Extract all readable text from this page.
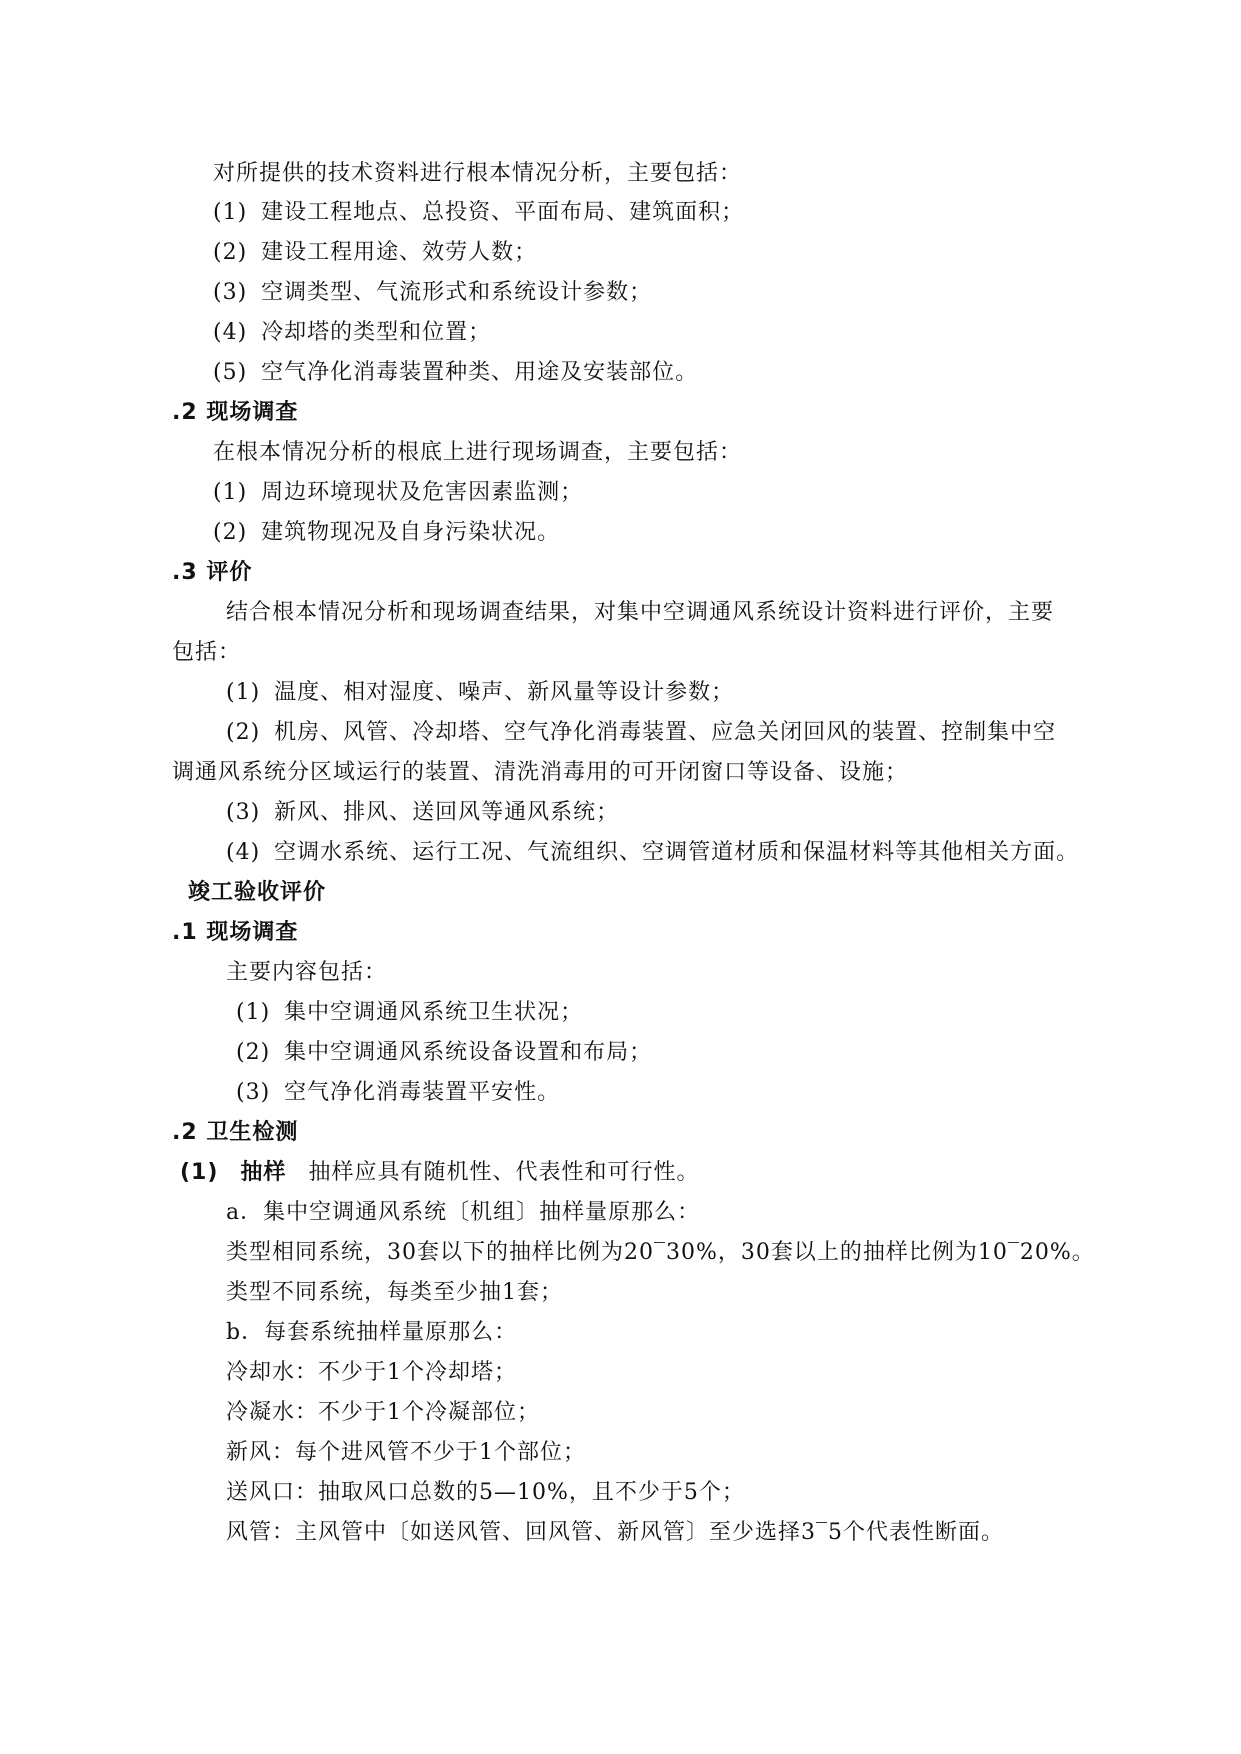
对所提供的技术资料进行根本情况分析，主要包括：
(1) 建设工程地点、总投资、平面布局、建筑面积；
(2) 建设工程用途、效劳人数；
(3) 空调类型、气流形式和系统设计参数；
(4) 冷却塔的类型和位置；
(5) 空气净化消毒装置种类、用途及安装部位。
.2 现场调查
在根本情况分析的根底上进行现场调查，主要包括：
(1) 周边环境现状及危害因素监测；
(2) 建筑物现况及自身污染状况。
.3 评价
结合根本情况分析和现场调查结果，对集中空调通风系统设计资料进行评价，主要
包括：
(1) 温度、相对湿度、噪声、新风量等设计参数；
(2) 机房、风管、冷却塔、空气净化消毒装置、应急关闭回风的装置、控制集中空
调通风系统分区域运行的装置、清洗消毒用的可开闭窗口等设备、设施；
(3) 新风、排风、送回风等通风系统；
(4) 空调水系统、运行工况、气流组织、空调管道材质和保温材料等其他相关方面。
竣工验收评价
.1 现场调查
主要内容包括：
(1) 集中空调通风系统卫生状况；
(2) 集中空调通风系统设备设置和布局；
(3) 空气净化消毒装置平安性。
.2 卫生检测
(1) 抽样 抽样应具有随机性、代表性和可行性。
a．集中空调通风系统〔机组〕抽样量原那么：
类型相同系统，30套以下的抽样比例为20‾30%，30套以上的抽样比例为10‾20%。
类型不同系统，每类至少抽1套；
b．每套系统抽样量原那么：
冷却水：不少于1个冷却塔；
冷凝水：不少于1个冷凝部位；
新风：每个进风管不少于1个部位；
送风口：抽取风口总数的5—10%，且不少于5个；
风管：主风管中〔如送风管、回风管、新风管〕至少选择3‾5个代表性断面。
